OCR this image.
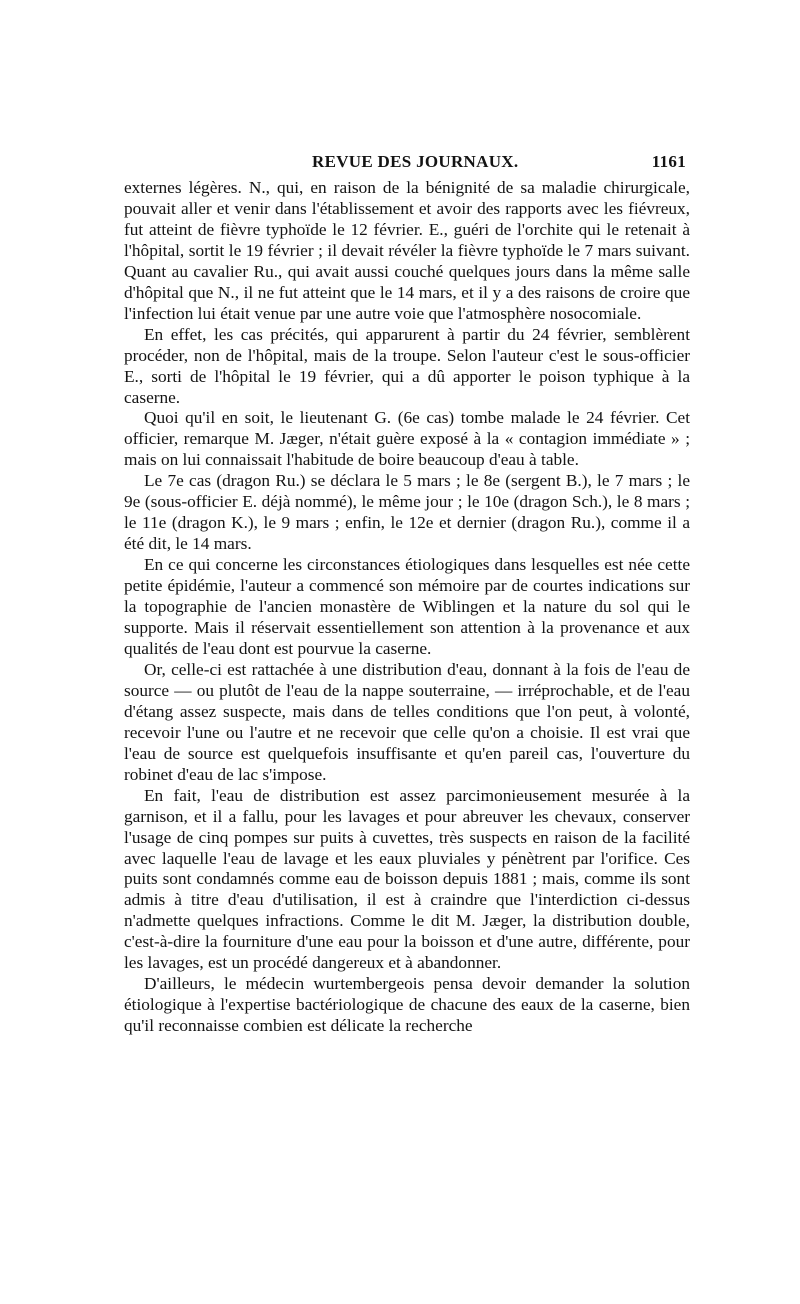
REVUE DES JOURNAUX.	1161

externes légères. N., qui, en raison de la bénignité de sa maladie chirurgicale, pouvait aller et venir dans l'établissement et avoir des rapports avec les fiévreux, fut atteint de fièvre typhoïde le 12 février. E., guéri de l'orchite qui le retenait à l'hôpital, sortit le 19 février ; il devait révéler la fièvre typhoïde le 7 mars suivant. Quant au cavalier Ru., qui avait aussi couché quelques jours dans la même salle d'hôpital que N., il ne fut atteint que le 14 mars, et il y a des raisons de croire que l'infection lui était venue par une autre voie que l'atmosphère nosocomiale.

En effet, les cas précités, qui apparurent à partir du 24 février, semblèrent procéder, non de l'hôpital, mais de la troupe. Selon l'auteur c'est le sous-officier E., sorti de l'hôpital le 19 février, qui a dû apporter le poison typhique à la caserne.

Quoi qu'il en soit, le lieutenant G. (6e cas) tombe malade le 24 février. Cet officier, remarque M. Jæger, n'était guère exposé à la « contagion immédiate » ; mais on lui connaissait l'habitude de boire beaucoup d'eau à table.

Le 7e cas (dragon Ru.) se déclara le 5 mars ; le 8e (sergent B.), le 7 mars ; le 9e (sous-officier E. déjà nommé), le même jour ; le 10e (dragon Sch.), le 8 mars ; le 11e (dragon K.), le 9 mars ; enfin, le 12e et dernier (dragon Ru.), comme il a été dit, le 14 mars.

En ce qui concerne les circonstances étiologiques dans lesquelles est née cette petite épidémie, l'auteur a commencé son mémoire par de courtes indications sur la topographie de l'ancien monastère de Wiblingen et la nature du sol qui le supporte. Mais il réservait essentiellement son attention à la provenance et aux qualités de l'eau dont est pourvue la caserne.

Or, celle-ci est rattachée à une distribution d'eau, donnant à la fois de l'eau de source — ou plutôt de l'eau de la nappe souterraine, — irréprochable, et de l'eau d'étang assez suspecte, mais dans de telles conditions que l'on peut, à volonté, recevoir l'une ou l'autre et ne recevoir que celle qu'on a choisie. Il est vrai que l'eau de source est quelquefois insuffisante et qu'en pareil cas, l'ouverture du robinet d'eau de lac s'impose.

En fait, l'eau de distribution est assez parcimonieusement mesurée à la garnison, et il a fallu, pour les lavages et pour abreuver les chevaux, conserver l'usage de cinq pompes sur puits à cuvettes, très suspects en raison de la facilité avec laquelle l'eau de lavage et les eaux pluviales y pénètrent par l'orifice. Ces puits sont condamnés comme eau de boisson depuis 1881 ; mais, comme ils sont admis à titre d'eau d'utilisation, il est à craindre que l'interdiction ci-dessus n'admette quelques infractions. Comme le dit M. Jæger, la distribution double, c'est-à-dire la fourniture d'une eau pour la boisson et d'une autre, différente, pour les lavages, est un procédé dangereux et à abandonner.

D'ailleurs, le médecin wurtembergeois pensa devoir demander la solution étiologique à l'expertise bactériologique de chacune des eaux de la caserne, bien qu'il reconnaisse combien est délicate la recherche
